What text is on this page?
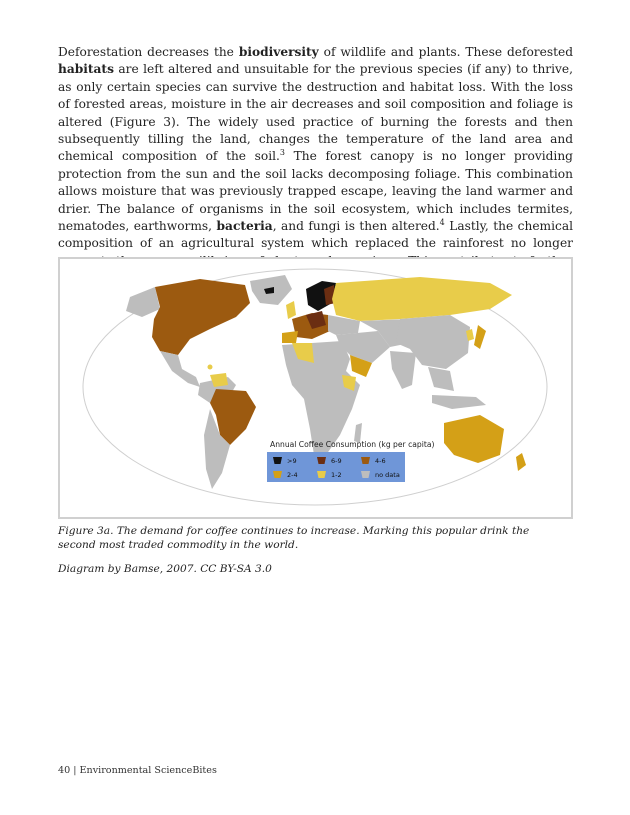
Deforestation decreases the biodiversity of wildlife and plants. These deforested habitats are left altered and unsuitable for the previous species (if any) to thrive, as only certain species can survive the destruction and habitat loss. With the loss of forested areas, moisture in the air decreases and soil composition and foliage is altered (Figure 3). The widely used practice of burning the forests and then subsequently tilling the land, changes the temperature of the land area and chemical composition of the soil.$^3$ The forest canopy is no longer providing protection from the sun and the soil lacks decomposing foliage. This combination allows moisture that was previously trapped escape, leaving the land warmer and drier. The balance of organisms in the soil ecosystem, which includes termites, nematodes, earthworms, bacteria, and fungi is then altered.$^4$ Lastly, the chemical composition of an agricultural system which replaced the rainforest no longer

Annual Coffee Consumption (kg per capita)
>9	6-9	4-6
2-4	1-2	no data

Figure 3a. The demand for coffee continues to increase. Marking this popular drink the second most traded commodity in the world.

Diagram by Bamse, 2007. CC BY-SA 3.0

40 | Environmental ScienceBites
